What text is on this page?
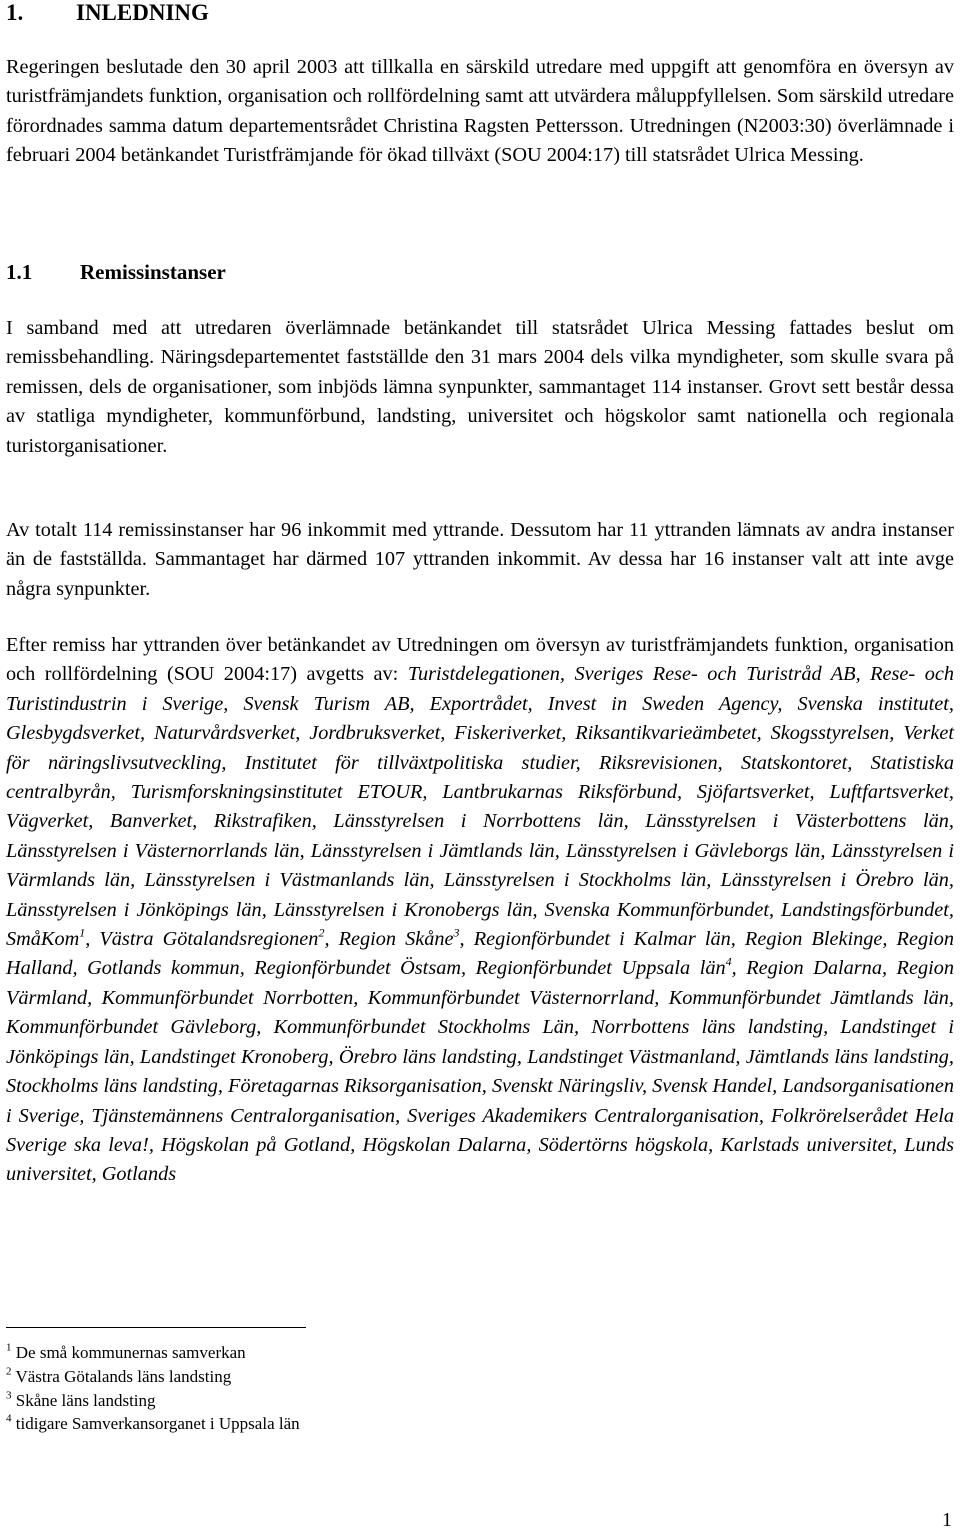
1. INLEDNING

Regeringen beslutade den 30 april 2003 att tillkalla en särskild utredare med uppgift att genomföra en översyn av turistfrämjandets funktion, organisation och rollfördelning samt att utvärdera måluppfyllelsen. Som särskild utredare förordnades samma datum departementsrådet Christina Ragsten Pettersson. Utredningen (N2003:30) överlämnade i februari 2004 betänkandet Turistfrämjande för ökad tillväxt (SOU 2004:17) till statsrådet Ulrica Messing.

1.1 Remissinstanser

I samband med att utredaren överlämnade betänkandet till statsrådet Ulrica Messing fattades beslut om remissbehandling. Näringsdepartementet fastställde den 31 mars 2004 dels vilka myndigheter, som skulle svara på remissen, dels de organisationer, som inbjöds lämna synpunkter, sammantaget 114 instanser. Grovt sett består dessa av statliga myndigheter, kommunförbund, landsting, universitet och högskolor samt nationella och regionala turistorganisationer.

Av totalt 114 remissinstanser har 96 inkommit med yttrande. Dessutom har 11 yttranden lämnats av andra instanser än de fastställda. Sammantaget har därmed 107 yttranden inkommit. Av dessa har 16 instanser valt att inte avge några synpunkter.

Efter remiss har yttranden över betänkandet av Utredningen om översyn av turistfrämjandets funktion, organisation och rollfördelning (SOU 2004:17) avgetts av: Turistdelegationen, Sveriges Rese- och Turistråd AB, Rese- och Turistindustrin i Sverige, Svensk Turism AB, Exportrådet, Invest in Sweden Agency, Svenska institutet, Glesbygdsverket, Naturvårdsverket, Jordbruksverket, Fiskeriverket, Riksantikvarieämbetet, Skogsstyrelsen, Verket för näringslivsutveckling, Institutet för tillväxtpolitiska studier, Riksrevisionen, Statskontoret, Statistiska centralbyrån, Turismforskningsinstitutet ETOUR, Lantbrukarnas Riksförbund, Sjöfartsverket, Luftfartsverket, Vägverket, Banverket, Rikstrafiken, Länsstyrelsen i Norrbottens län, Länsstyrelsen i Västerbottens län, Länsstyrelsen i Västernorrlands län, Länsstyrelsen i Jämtlands län, Länsstyrelsen i Gävleborgs län, Länsstyrelsen i Värmlands län, Länsstyrelsen i Västmanlands län, Länsstyrelsen i Stockholms län, Länsstyrelsen i Örebro län, Länsstyrelsen i Jönköpings län, Länsstyrelsen i Kronobergs län, Svenska Kommunförbundet, Landstingsförbundet, SmåKom$^1$, Västra Götalandsregionen$^2$, Region Skåne$^3$, Regionförbundet i Kalmar län, Region Blekinge, Region Halland, Gotlands kommun, Regionförbundet Östsam, Regionförbundet Uppsala län$^4$, Region Dalarna, Region Värmland, Kommunförbundet Norrbotten, Kommunförbundet Västernorrland, Kommunförbundet Jämtlands län, Kommunförbundet Gävleborg, Kommunförbundet Stockholms Län, Norrbottens läns landsting, Landstinget i Jönköpings län, Landstinget Kronoberg, Örebro läns landsting, Landstinget Västmanland, Jämtlands läns landsting, Stockholms läns landsting, Företagarnas Riksorganisation, Svenskt Näringsliv, Svensk Handel, Landsorganisationen i Sverige, Tjänstemännens Centralorganisation, Sveriges Akademikers Centralorganisation, Folkrörelserådet Hela Sverige ska leva!, Högskolan på Gotland, Högskolan Dalarna, Södertörns högskola, Karlstads universitet, Lunds universitet, Gotlands

$^1$ De små kommunernas samverkan
$^2$ Västra Götalands läns landsting
$^3$ Skåne läns landsting
$^4$ tidigare Samverkansorganet i Uppsala län
1
